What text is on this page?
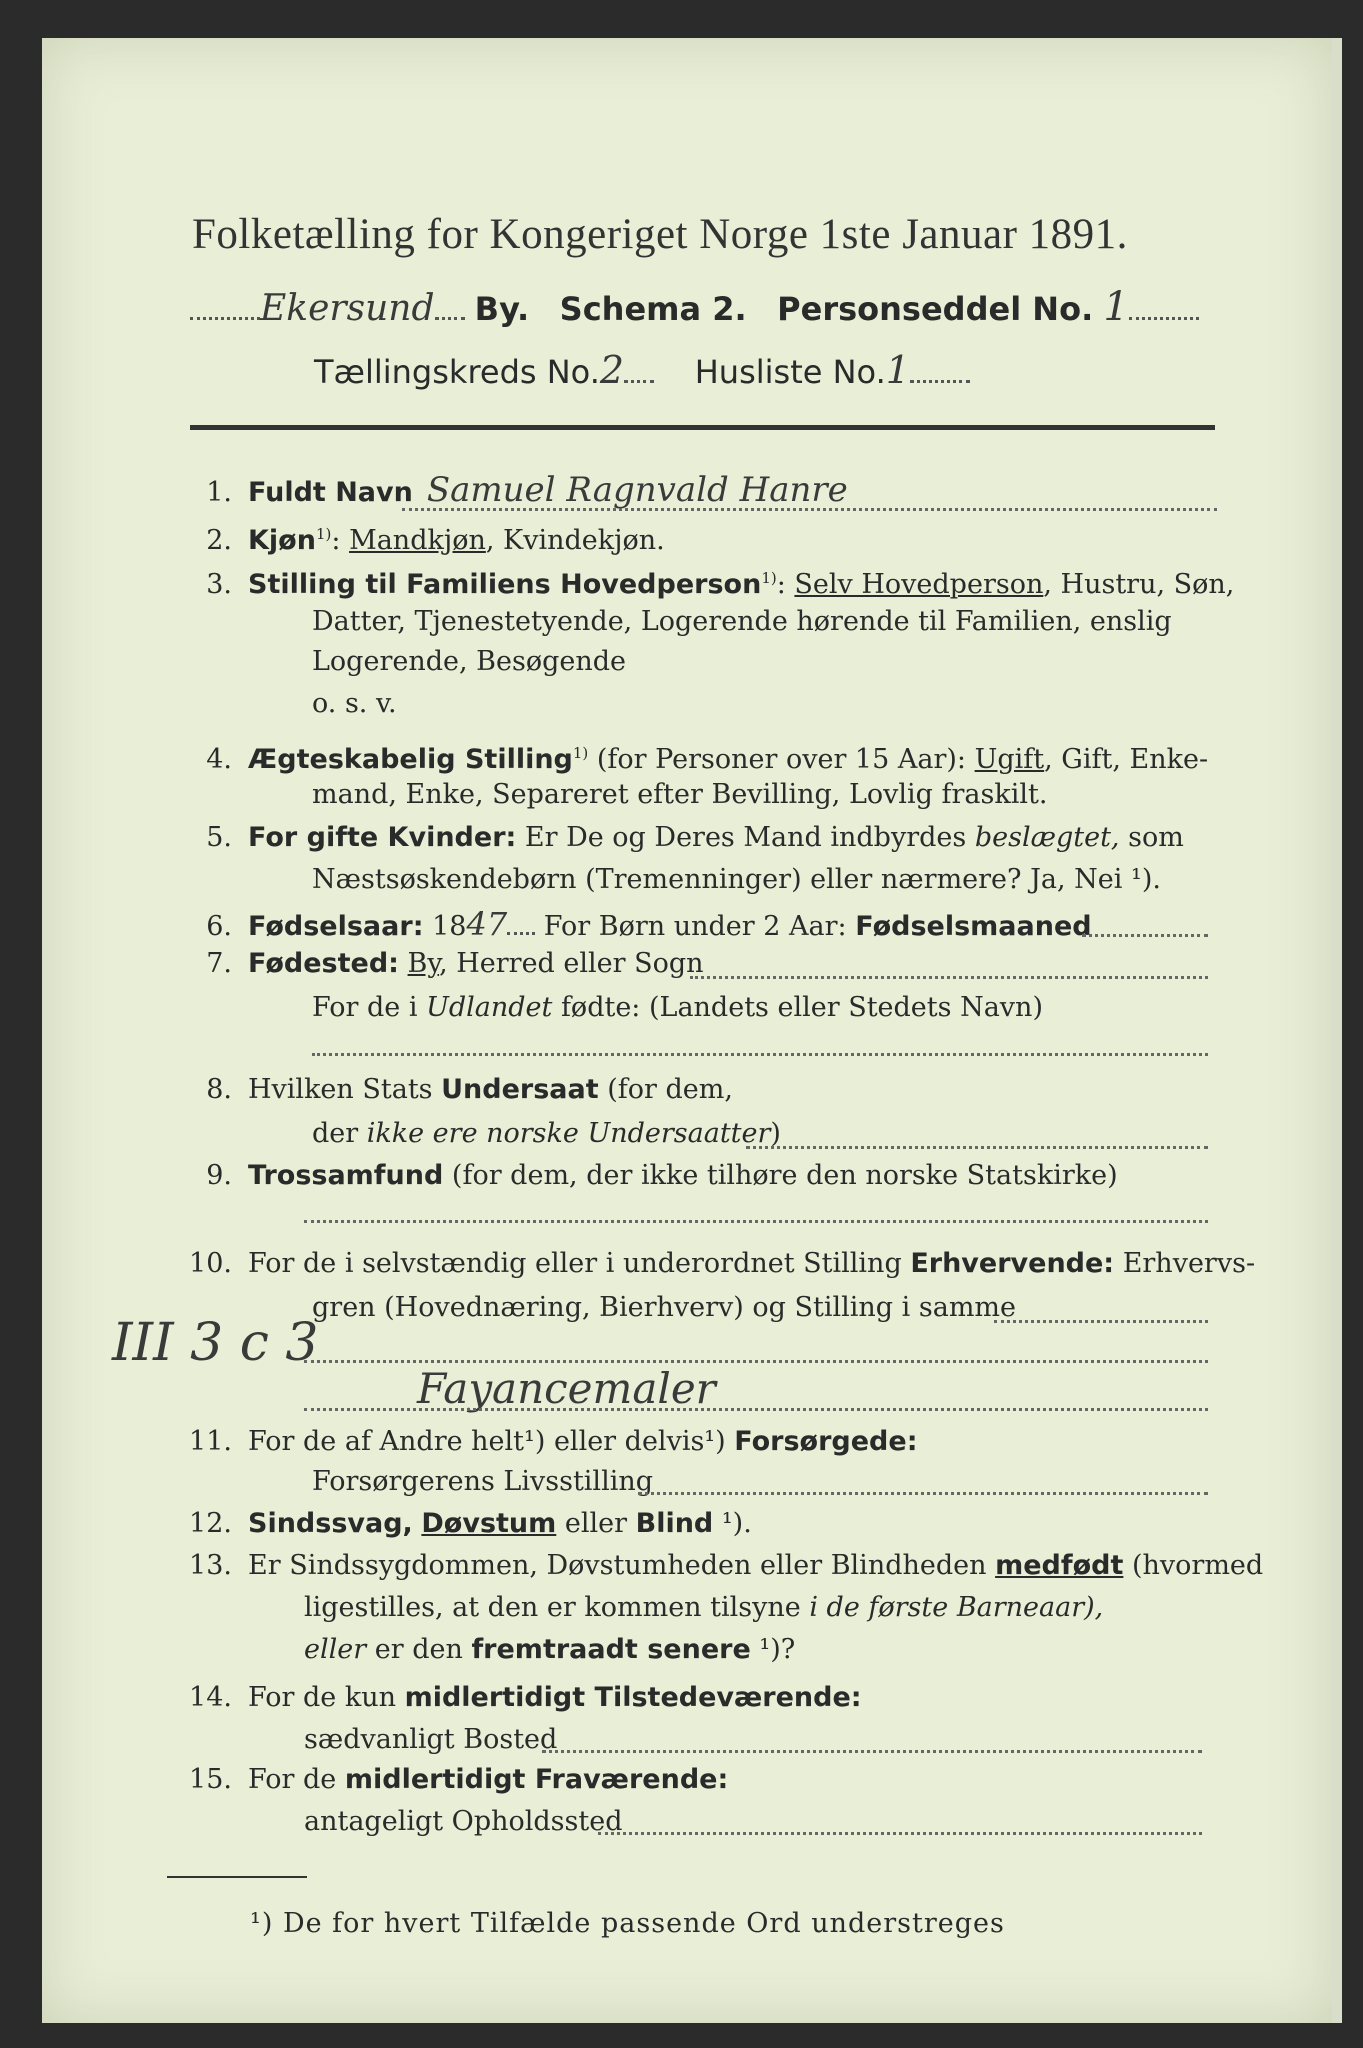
Folketælling for Kongeriget Norge 1ste Januar 1891.
Ekersund By. Schema 2. Personseddel No. 1
Tællingskreds No.2 Husliste No.1
1. Fuldt Navn Samuel Ragnvald Hanre
2. Kjøn$^{1)}$: Mandkjøn, Kvindekjøn.
3. Stilling til Familiens Hovedperson$^{1)}$: Selv Hovedperson, Hustru, Søn,
Datter, Tjenestetyende, Logerende hørende til Familien, enslig
Logerende, Besøgende
o. s. v.
4. Ægteskabelig Stilling$^{1)}$ (for Personer over 15 Aar): Ugift, Gift, Enke-
mand, Enke, Separeret efter Bevilling, Lovlig fraskilt.
5. For gifte Kvinder: Er De og Deres Mand indbyrdes beslægtet, som
Næstsøskendebørn (Tremenninger) eller nærmere? Ja, Nei ¹).
6. Fødselsaar: 1847 For Børn under 2 Aar: Fødselsmaaned
7. Fødested: By, Herred eller Sogn
For de i Udlandet fødte: (Landets eller Stedets Navn)
8. Hvilken Stats Undersaat (for dem,
der ikke ere norske Undersaatter)
9. Trossamfund (for dem, der ikke tilhøre den norske Statskirke)
10. For de i selvstændig eller i underordnet Stilling Erhvervende: Erhvervs-
gren (Hovednæring, Bierhverv) og Stilling i samme
Fayancemaler
III 3 c 3
11. For de af Andre helt¹) eller delvis¹) Forsørgede:
Forsørgerens Livsstilling
12. Sindssvag, Døvstum eller Blind ¹).
13. Er Sindssygdommen, Døvstumheden eller Blindheden medfødt (hvormed
ligestilles, at den er kommen tilsyne i de første Barneaar),
eller er den fremtraadt senere ¹)?
14. For de kun midlertidigt Tilstedeværende:
sædvanligt Bosted
15. For de midlertidigt Fraværende:
antageligt Opholdssted
¹) De for hvert Tilfælde passende Ord understreges
